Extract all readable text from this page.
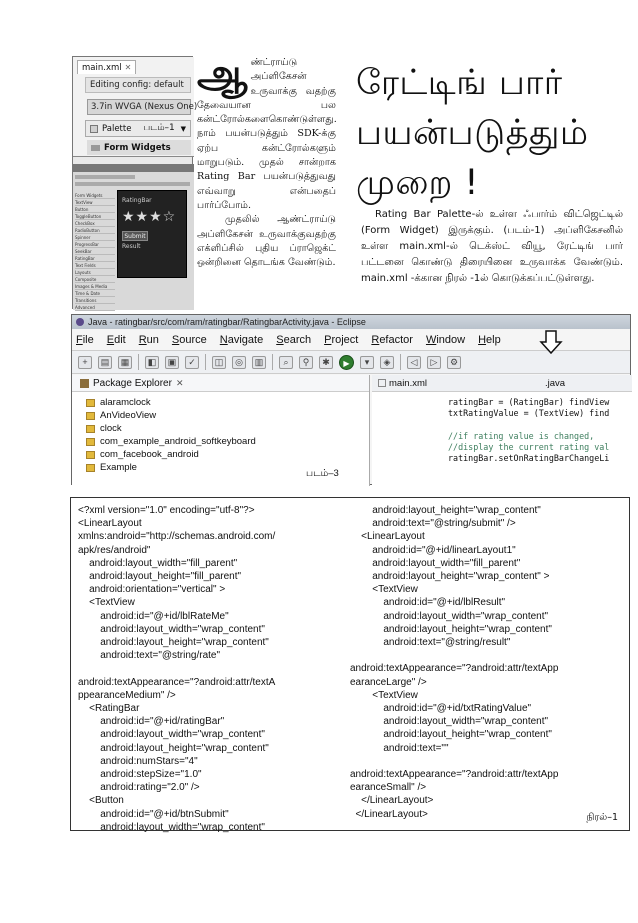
main.xml ✕
Editing config: default
3.7in WVGA (Nexus One)
Palette படம்–1 ▼
Form Widgets
Form Widgets
TextView
Button
ToggleButton
CheckBox
RadioButton
Spinner
ProgressBar
SeekBar
RatingBar
Text Fields
Layouts
Composite
Images & Media
Time & Date
Transitions
Advanced
RatingBar
★★★☆
Submit
Result
ஆ ண்ட்ராய்டு அப்ளிகேசன் உருவாக்கு வதற்கு தேவையான பல கன்ட்ரோல்களைகொண்டுள்ளது. நாம் பயன்படுத்தும் SDK-க்கு ஏற்ப கன்ட்ரோல்களும் மாறுபடும். முதல் சான்றாக Rating Bar பயன்படுத்துவது எவ்வாறு என்பதைப் பார்ப்போம்.
முதலில் ஆண்ட்ராய்டு அப்ளிகேசன் உருவாக்குவதற்கு எக்ளிப்சில் புதிய ப்ராஜெக்ட் ஒன்றினை தொடங்க வேண்டும்.
ரேட்டிங் பார்
பயன்படுத்தும்
முறை !
Rating Bar Palette-ல் உள்ள ஃபார்ம் விட்ஜெட்டில் (Form Widget) இருக்கும். (படம்-1) அப்ளிகேசனில் உள்ள main.xml-ல் டெக்ஸ்ட் வியூ, ரேட்டிங் பார் பட்டனை கொண்டு திரையினை உருவாக்க வேண்டும். main.xml -க்கான நிரல் -1ல் கொடுக்கப்பட்டுள்ளது.
Java - ratingbar/src/com/ram/ratingbar/RatingbarActivity.java - Eclipse
File Edit Run Source Navigate Search Project Refactor Window Help
+	▤	▦	◧	▣	✓	◫	◎	▥	⌕	⚲	✱	▶	▾	◈	◁	▷	⚙
Package Explorer ✕
alaramclock
AnVideoView
clock
com_example_android_softkeyboard
com_facebook_android
Example
படம்–3
main.xml	.java
ratingBar = (RatingBar) findView
txtRatingValue = (TextView) find

//if rating value is changed,
//display the current rating val
ratingBar.setOnRatingBarChangeLi
<?xml version="1.0" encoding="utf-8"?>
<LinearLayout
xmlns:android="http://schemas.android.com/
apk/res/android"
android:layout_width="fill_parent"
android:layout_height="fill_parent"
android:orientation="vertical" >
<TextView
android:id="@+id/lblRateMe"
android:layout_width="wrap_content"
android:layout_height="wrap_content"
android:text="@string/rate"

android:textAppearance="?android:attr/textA
ppearanceMedium" />
<RatingBar
android:id="@+id/ratingBar"
android:layout_width="wrap_content"
android:layout_height="wrap_content"
android:numStars="4"
android:stepSize="1.0"
android:rating="2.0" />
<Button
android:id="@+id/btnSubmit"
android:layout_width="wrap_content"
android:layout_height="wrap_content"
android:text="@string/submit" />
<LinearLayout
android:id="@+id/linearLayout1"
android:layout_width="fill_parent"
android:layout_height="wrap_content" >
<TextView
android:id="@+id/lblResult"
android:layout_width="wrap_content"
android:layout_height="wrap_content"
android:text="@string/result"

android:textAppearance="?android:attr/textApp
earanceLarge" />
<TextView
android:id="@+id/txtRatingValue"
android:layout_width="wrap_content"
android:layout_height="wrap_content"
android:text=""

android:textAppearance="?android:attr/textApp
earanceSmall" />
</LinearLayout>
</LinearLayout>	நிரல்–1
